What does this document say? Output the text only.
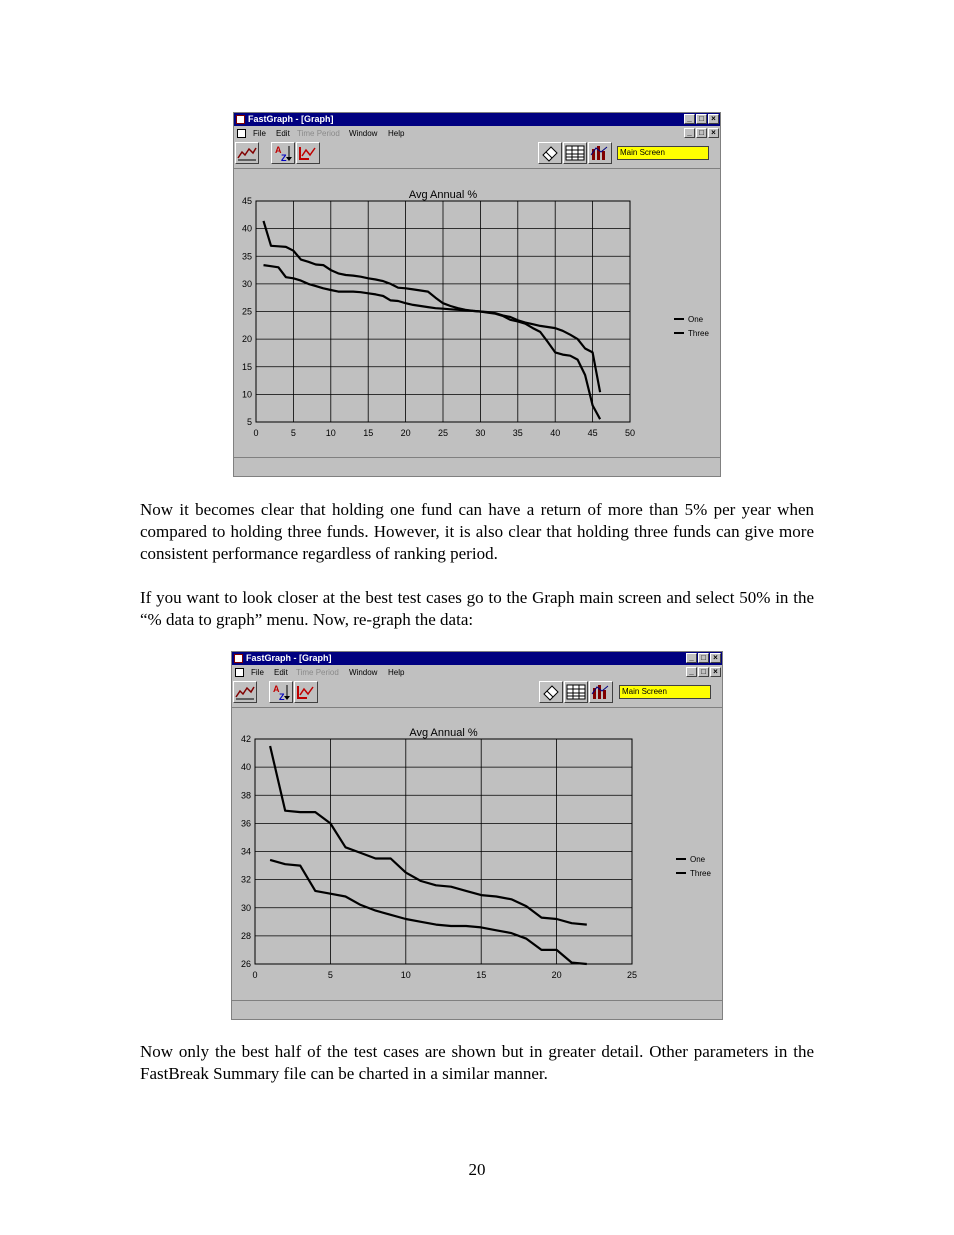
FastGraph - [Graph]	_ □ ×
File Edit Time Period Window Help	_ □ ×
A
Z
Main Screen
0	5	10	15	20	25	30	35	40	45	50
5
10
15
20
25
30
35
40
45	Avg Annual %
One
Three

Now it becomes clear that holding one fund can have a return of more than 5% per year when compared to holding three funds. However, it is also clear that holding three funds can give more consistent performance regardless of ranking period.

If you want to look closer at the best test cases go to the Graph main screen and select 50% in the “% data to graph” menu. Now, re-graph the data:

FastGraph - [Graph]	_ □ ×
File Edit Time Period Window Help	_ □ ×
A
Z
Main Screen
0	5	10	15	20	25
26
28
30
32
34
36
38
40
42	Avg Annual %
One
Three

Now only the best half of the test cases are shown but in greater detail. Other parameters in the FastBreak Summary file can be charted in a similar manner.

20
